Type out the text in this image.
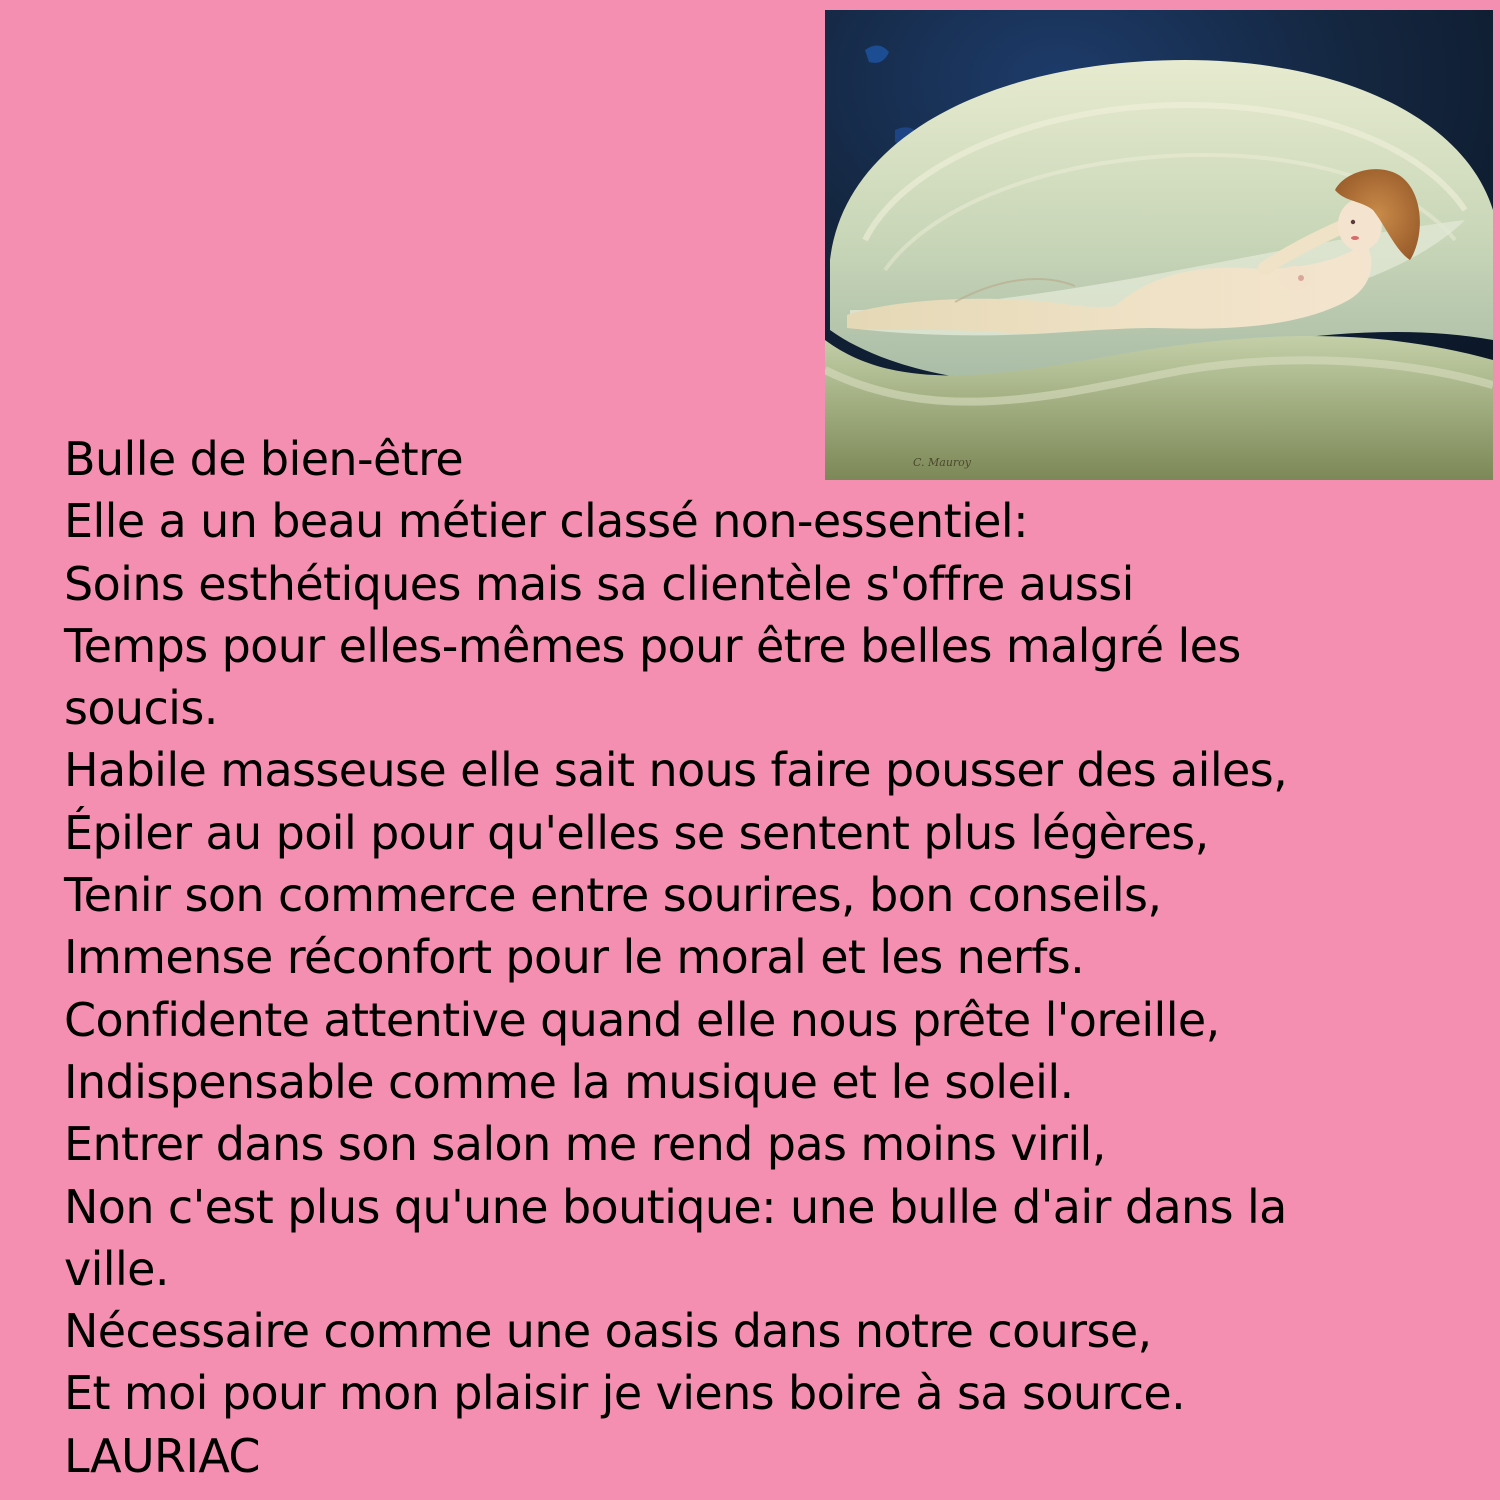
C. Mauroy
Bulle de bien-être
Elle a un beau métier classé non-essentiel:
Soins esthétiques mais sa clientèle s'offre aussi
Temps pour elles-mêmes pour être belles malgré les
soucis.
Habile masseuse elle sait nous faire pousser des ailes,
Épiler au poil pour qu'elles se sentent plus légères,
Tenir son commerce entre sourires, bon conseils,
Immense réconfort pour le moral et les nerfs.
Confidente attentive quand elle nous prête l'oreille,
Indispensable comme la musique et le soleil.
Entrer dans son salon me rend pas moins viril,
Non c'est plus qu'une boutique: une bulle d'air dans la
ville.
Nécessaire comme une oasis dans notre course,
Et moi pour mon plaisir je viens boire à sa source.
LAURIAC
